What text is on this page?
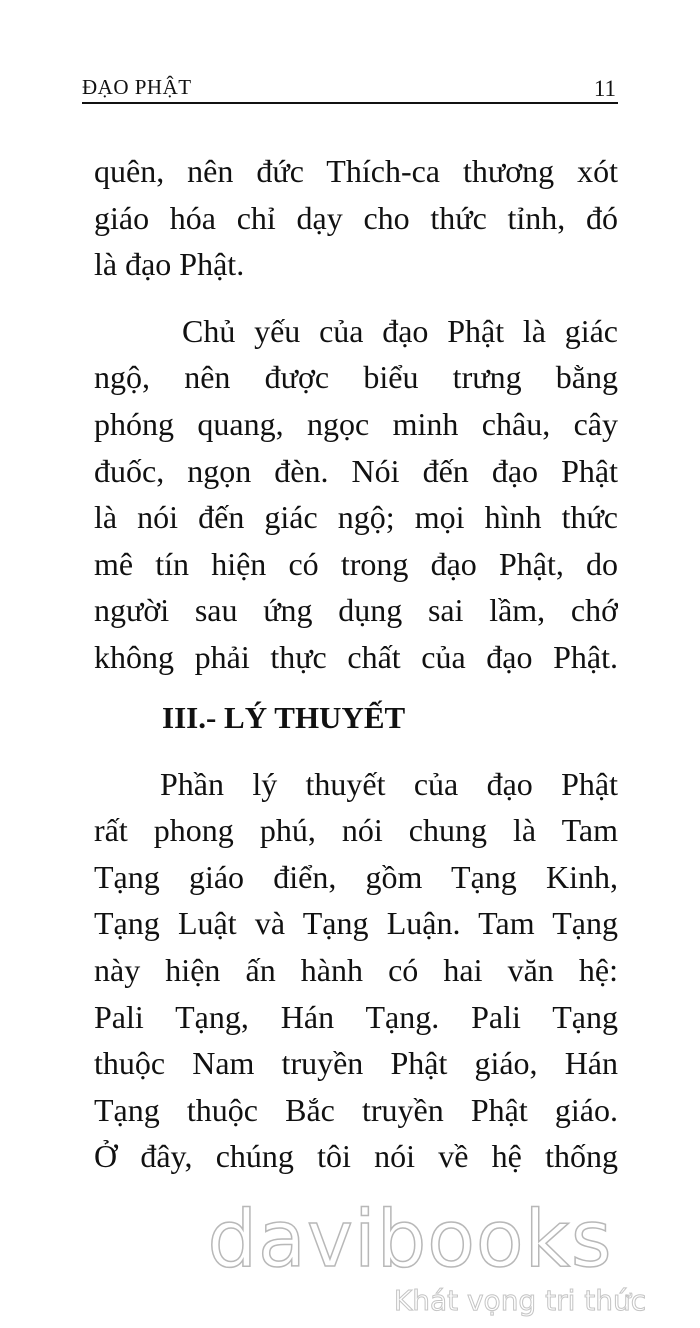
ĐẠO PHẬT	11
quên, nên đức Thích-ca thương xót
giáo hóa chỉ dạy cho thức tỉnh, đó
là đạo Phật.
Chủ yếu của đạo Phật là giác
ngộ, nên được biểu trưng bằng
phóng quang, ngọc minh châu, cây
đuốc, ngọn đèn. Nói đến đạo Phật
là nói đến giác ngộ; mọi hình thức
mê tín hiện có trong đạo Phật, do
người sau ứng dụng sai lầm, chớ
không phải thực chất của đạo Phật.
III.- LÝ THUYẾT
Phần lý thuyết của đạo Phật
rất phong phú, nói chung là Tam
Tạng giáo điển, gồm Tạng Kinh,
Tạng Luật và Tạng Luận. Tam Tạng
này hiện ấn hành có hai văn hệ:
Pali Tạng, Hán Tạng. Pali Tạng
thuộc Nam truyền Phật giáo, Hán
Tạng thuộc Bắc truyền Phật giáo.
Ở đây, chúng tôi nói về hệ thống
davibooks
Khát vọng tri thức
